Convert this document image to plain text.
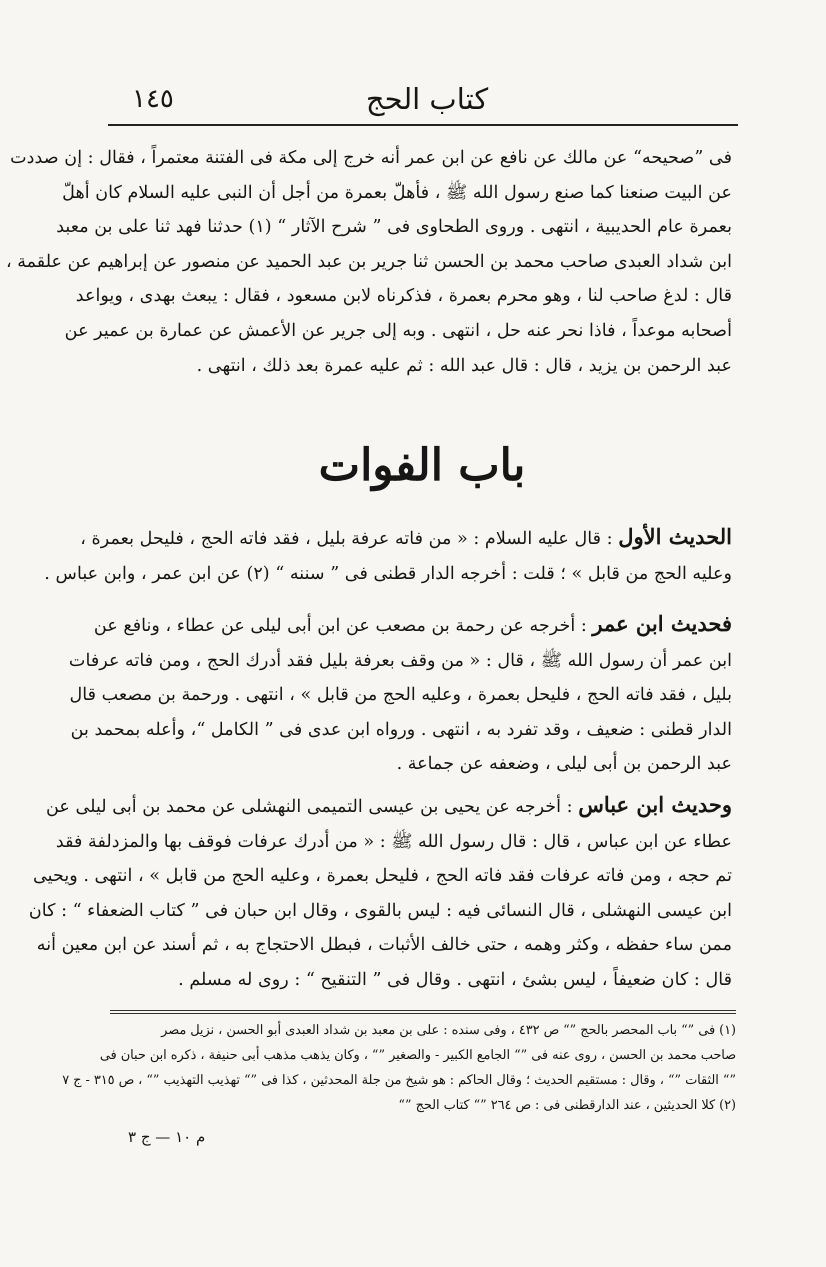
كتاب الحج
١٤٥
فى ”صحيحه“ عن مالك عن نافع عن ابن عمر أنه خرج إلى مكة فى الفتنة معتمراً ، فقال : إن صددت
عن البيت صنعنا كما صنع رسول الله ﷺ ، فأهلّ بعمرة من أجل أن النبى عليه السلام كان أهلّ
بعمرة عام الحديبية ، انتهى . وروى الطحاوى فى ” شرح الآثار “ (١) حدثنا فهد ثنا على بن معبد
ابن شداد العبدى صاحب محمد بن الحسن ثنا جرير بن عبد الحميد عن منصور عن إبراهيم عن علقمة ،
قال : لدغ صاحب لنا ، وهو محرم بعمرة ، فذكرناه لابن مسعود ، فقال : يبعث بهدى ، ويواعد
أصحابه موعداً ، فاذا نحر عنه حل ، انتهى . وبه إلى جرير عن الأعمش عن عمارة بن عمير عن
عبد الرحمن بن يزيد ، قال : قال عبد الله : ثم عليه عمرة بعد ذلك ، انتهى .
باب الفوات
الحديث الأول : قال عليه السلام : « من فاته عرفة بليل ، فقد فاته الحج ، فليحل بعمرة ،
وعليه الحج من قابل » ؛ قلت : أخرجه الدار قطنى فى ” سننه “ (٢) عن ابن عمر ، وابن عباس .
فحديث ابن عمر : أخرجه عن رحمة بن مصعب عن ابن أبى ليلى عن عطاء ، ونافع عن
ابن عمر أن رسول الله ﷺ ، قال : « من وقف بعرفة بليل فقد أدرك الحج ، ومن فاته عرفات
بليل ، فقد فاته الحج ، فليحل بعمرة ، وعليه الحج من قابل » ، انتهى . ورحمة بن مصعب قال
الدار قطنى : ضعيف ، وقد تفرد به ، انتهى . ورواه ابن عدى فى ” الكامل “، وأعله بمحمد بن
عبد الرحمن بن أبى ليلى ، وضعفه عن جماعة .
وحديث ابن عباس : أخرجه عن يحيى بن عيسى التميمى النهشلى عن محمد بن أبى ليلى عن
عطاء عن ابن عباس ، قال : قال رسول الله ﷺ : « من أدرك عرفات فوقف بها والمزدلفة فقد
تم حجه ، ومن فاته عرفات فقد فاته الحج ، فليحل بعمرة ، وعليه الحج من قابل » ، انتهى . ويحيى
ابن عيسى النهشلى ، قال النسائى فيه : ليس بالقوى ، وقال ابن حبان فى ” كتاب الضعفاء “ : كان
ممن ساء حفظه ، وكثر وهمه ، حتى خالف الأثبات ، فبطل الاحتجاج به ، ثم أسند عن ابن معين أنه
قال : كان ضعيفاً ، ليس بشئ ، انتهى . وقال فى ” التنقيح “ : روى له مسلم .
(١) فى ”“ باب المحصر بالحج ”“ ص ٤٣٢ ، وفى سنده : على بن معبد بن شداد العبدى أبو الحسن ، نزيل مصر
صاحب محمد بن الحسن ، روى عنه فى ”“ الجامع الكبير - والصغير ”“ ، وكان يذهب مذهب أبى حنيفة ، ذكره ابن حبان فى
”“ الثقات ”“ ، وقال : مستقيم الحديث ؛ وقال الحاكم : هو شيخ من جلة المحدثين ، كذا فى ”“ تهذيب التهذيب ”“ ، ص ٣١٥ - ج ٧
(٢) كلا الحديثين ، عند الدارقطنى فى : ص ٢٦٤ ”“ كتاب الحج ”“
م ١٠ — ج ٣
